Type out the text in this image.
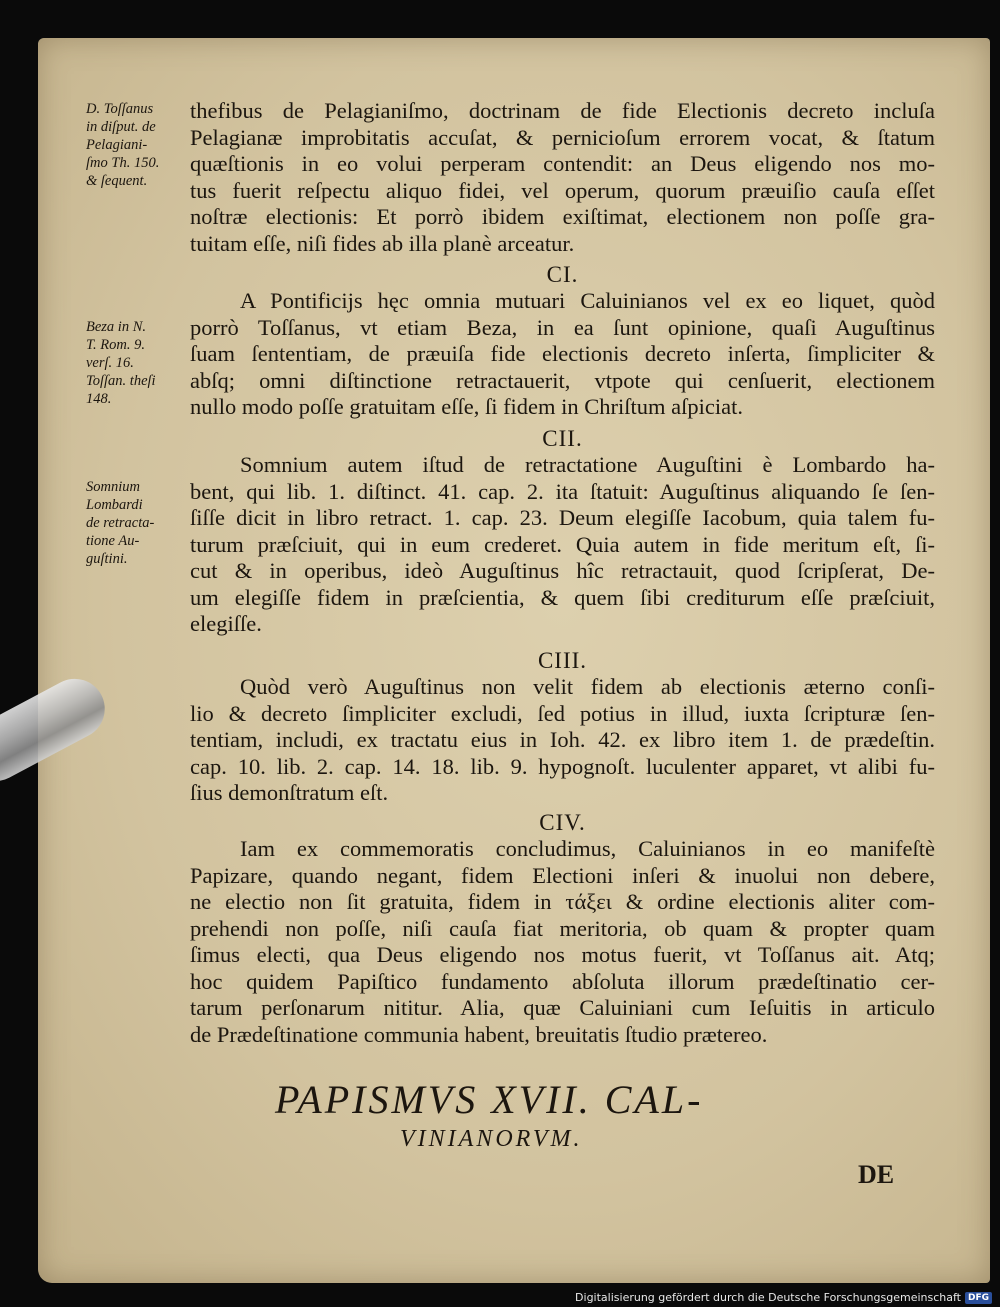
D. Toſſanus
in diſput. de
Pelagiani-
ſmo Th. 150.
& ſequent.
Beza in N.
T. Rom. 9.
verſ. 16.
Toſſan. theſi
148.
Somnium
Lombardi
de retracta-
tione Au-
guſtini.
thefibus de Pelagianiſmo, doctrinam de fide Electionis decreto incluſa
Pelagianæ improbitatis accuſat, & pernicioſum errorem vocat, & ſtatum
quæſtionis in eo volui perperam contendit: an Deus eligendo nos mo-
tus fuerit reſpectu aliquo fidei, vel operum, quorum præuiſio cauſa eſſet
noſtræ electionis: Et porrò ibidem exiſtimat, electionem non poſſe gra-
tuitam eſſe, niſi fides ab illa planè arceatur.
CI.
A Pontificijs hęc omnia mutuari Caluinianos vel ex eo liquet, quòd
porrò Toſſanus, vt etiam Beza, in ea ſunt opinione, quaſi Auguſtinus
ſuam ſententiam, de præuiſa fide electionis decreto inſerta, ſimpliciter &
abſq; omni diſtinctione retractauerit, vtpote qui cenſuerit, electionem
nullo modo poſſe gratuitam eſſe, ſi fidem in Chriſtum aſpiciat.
CII.
Somnium autem iſtud de retractatione Auguſtini è Lombardo ha-
bent, qui lib. 1. diſtinct. 41. cap. 2. ita ſtatuit: Auguſtinus aliquando ſe ſen-
ſiſſe dicit in libro retract. 1. cap. 23. Deum elegiſſe Iacobum, quia talem fu-
turum præſciuit, qui in eum crederet. Quia autem in fide meritum eſt, ſi-
cut & in operibus, ideò Auguſtinus hîc retractauit, quod ſcripſerat, De-
um elegiſſe fidem in præſcientia, & quem ſibi crediturum eſſe præſciuit,
elegiſſe.
CIII.
Quòd verò Auguſtinus non velit fidem ab electionis æterno conſi-
lio & decreto ſimpliciter excludi, ſed potius in illud, iuxta ſcripturæ ſen-
tentiam, includi, ex tractatu eius in Ioh. 42. ex libro item 1. de prædeſtin.
cap. 10. lib. 2. cap. 14. 18. lib. 9. hypognoſt. luculenter apparet, vt alibi fu-
ſius demonſtratum eſt.
CIV.
Iam ex commemoratis concludimus, Caluinianos in eo manifeſtè
Papizare, quando negant, fidem Electioni inſeri & inuolui non debere,
ne electio non ſit gratuita, fidem in τάξει & ordine electionis aliter com-
prehendi non poſſe, niſi cauſa fiat meritoria, ob quam & propter quam
ſimus electi, qua Deus eligendo nos motus fuerit, vt Toſſanus ait. Atq;
hoc quidem Papiſtico fundamento abſoluta illorum prædeſtinatio cer-
tarum perſonarum nititur. Alia, quæ Caluiniani cum Ieſuitis in articulo
de Prædeſtinatione communia habent, breuitatis ſtudio prætereo.
PAPISMVS XVII. CAL-
VINIANORVM.
DE
Digitalisierung gefördert durch die Deutsche Forschungsgemeinschaft DFG
